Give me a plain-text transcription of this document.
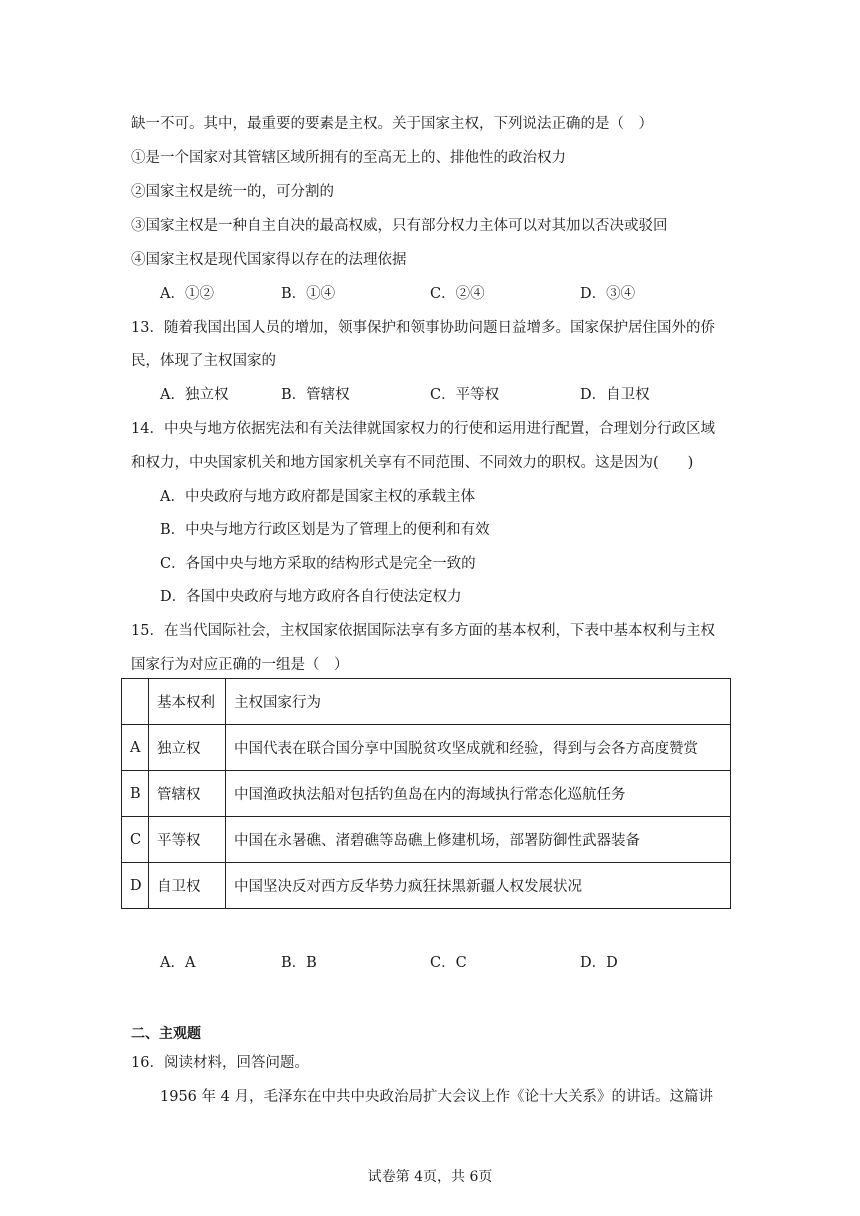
缺一不可。其中，最重要的要素是主权。关于国家主权，下列说法正确的是（　）
①是一个国家对其管辖区域所拥有的至高无上的、排他性的政治权力
②国家主权是统一的，可分割的
③国家主权是一种自主自决的最高权威，只有部分权力主体可以对其加以否决或驳回
④国家主权是现代国家得以存在的法理依据
A．①②	B．①④	C．②④	D．③④
13．随着我国出国人员的增加，领事保护和领事协助问题日益增多。国家保护居住国外的侨
民，体现了主权国家的
A．独立权	B．管辖权	C．平等权	D．自卫权
14．中央与地方依据宪法和有关法律就国家权力的行使和运用进行配置，合理划分行政区域
和权力，中央国家机关和地方国家机关享有不同范围、不同效力的职权。这是因为(　　)
A．中央政府与地方政府都是国家主权的承载主体
B．中央与地方行政区划是为了管理上的便利和有效
C．各国中央与地方采取的结构形式是完全一致的
D．各国中央政府与地方政府各自行使法定权力
15．在当代国际社会，主权国家依据国际法享有多方面的基本权利，下表中基本权利与主权
国家行为对应正确的一组是（　）
	基本权利	主权国家行为
A	独立权	中国代表在联合国分享中国脱贫攻坚成就和经验，得到与会各方高度赞赏
B	管辖权	中国渔政执法船对包括钓鱼岛在内的海域执行常态化巡航任务
C	平等权	中国在永暑礁、渚碧礁等岛礁上修建机场，部署防御性武器装备
D	自卫权	中国坚决反对西方反华势力疯狂抹黑新疆人权发展状况
A．A	B．B	C．C	D．D
二、主观题
16．阅读材料，回答问题。
1956 年 4 月，毛泽东在中共中央政治局扩大会议上作《论十大关系》的讲话。这篇讲
试卷第 4页，共 6页
